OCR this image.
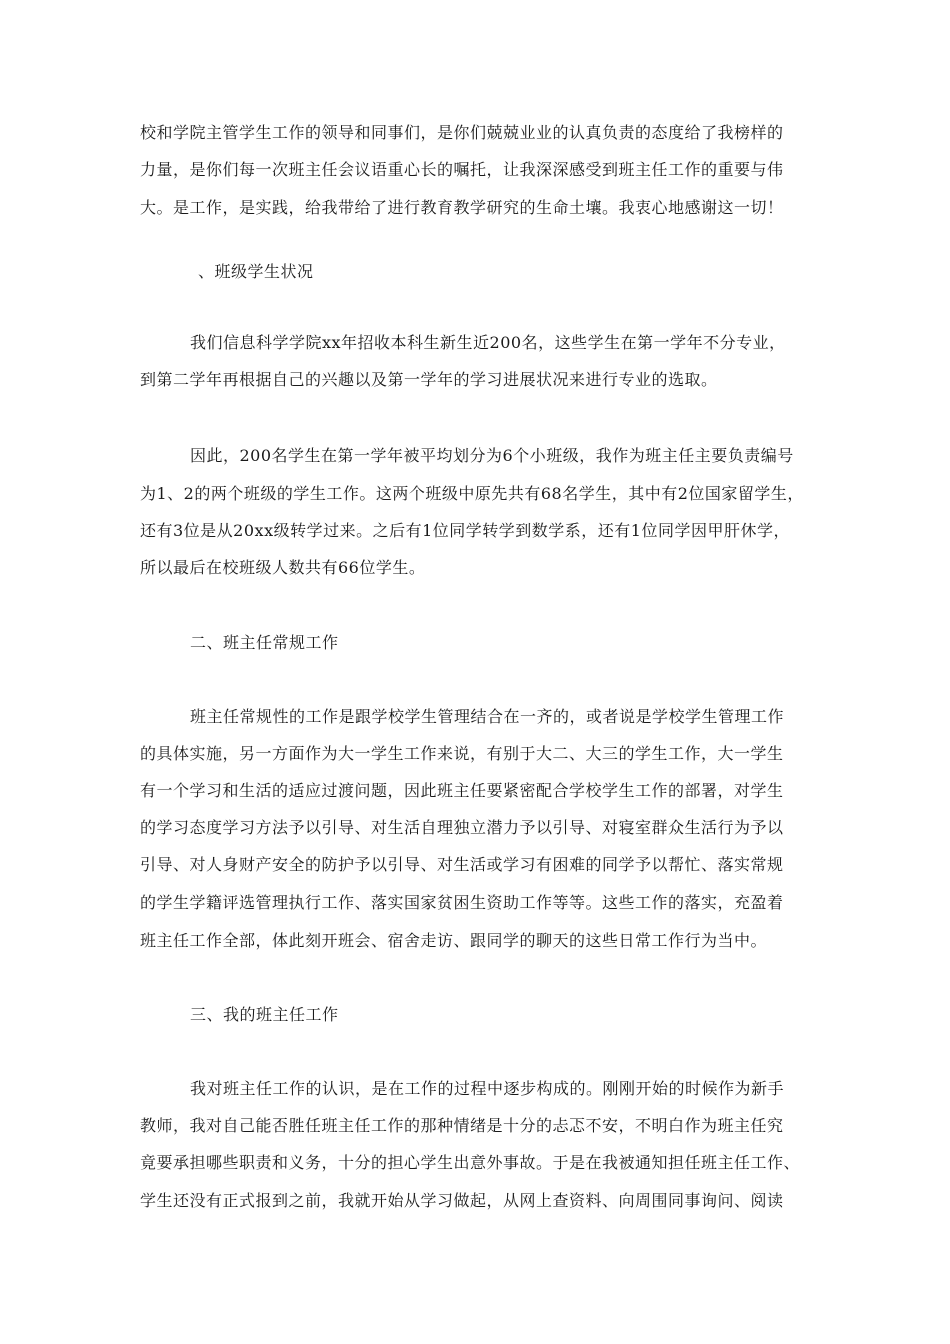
校和学院主管学生工作的领导和同事们，是你们兢兢业业的认真负责的态度给了我榜样的
力量，是你们每一次班主任会议语重心长的嘱托，让我深深感受到班主任工作的重要与伟
大。是工作，是实践，给我带给了进行教育教学研究的生命土壤。我衷心地感谢这一切！
、班级学生状况
我们信息科学学院xx年招收本科生新生近200名，这些学生在第一学年不分专业，
到第二学年再根据自己的兴趣以及第一学年的学习进展状况来进行专业的选取。
因此，200名学生在第一学年被平均划分为6个小班级，我作为班主任主要负责编号
为1、2的两个班级的学生工作。这两个班级中原先共有68名学生，其中有2位国家留学生，
还有3位是从20xx级转学过来。之后有1位同学转学到数学系，还有1位同学因甲肝休学，
所以最后在校班级人数共有66位学生。
二、班主任常规工作
班主任常规性的工作是跟学校学生管理结合在一齐的，或者说是学校学生管理工作
的具体实施，另一方面作为大一学生工作来说，有别于大二、大三的学生工作，大一学生
有一个学习和生活的适应过渡问题，因此班主任要紧密配合学校学生工作的部署，对学生
的学习态度学习方法予以引导、对生活自理独立潜力予以引导、对寝室群众生活行为予以
引导、对人身财产安全的防护予以引导、对生活或学习有困难的同学予以帮忙、落实常规
的学生学籍评选管理执行工作、落实国家贫困生资助工作等等。这些工作的落实，充盈着
班主任工作全部，体此刻开班会、宿舍走访、跟同学的聊天的这些日常工作行为当中。
三、我的班主任工作
我对班主任工作的认识，是在工作的过程中逐步构成的。刚刚开始的时候作为新手
教师，我对自己能否胜任班主任工作的那种情绪是十分的忐忑不安，不明白作为班主任究
竟要承担哪些职责和义务，十分的担心学生出意外事故。于是在我被通知担任班主任工作、
学生还没有正式报到之前，我就开始从学习做起，从网上查资料、向周围同事询问、阅读
